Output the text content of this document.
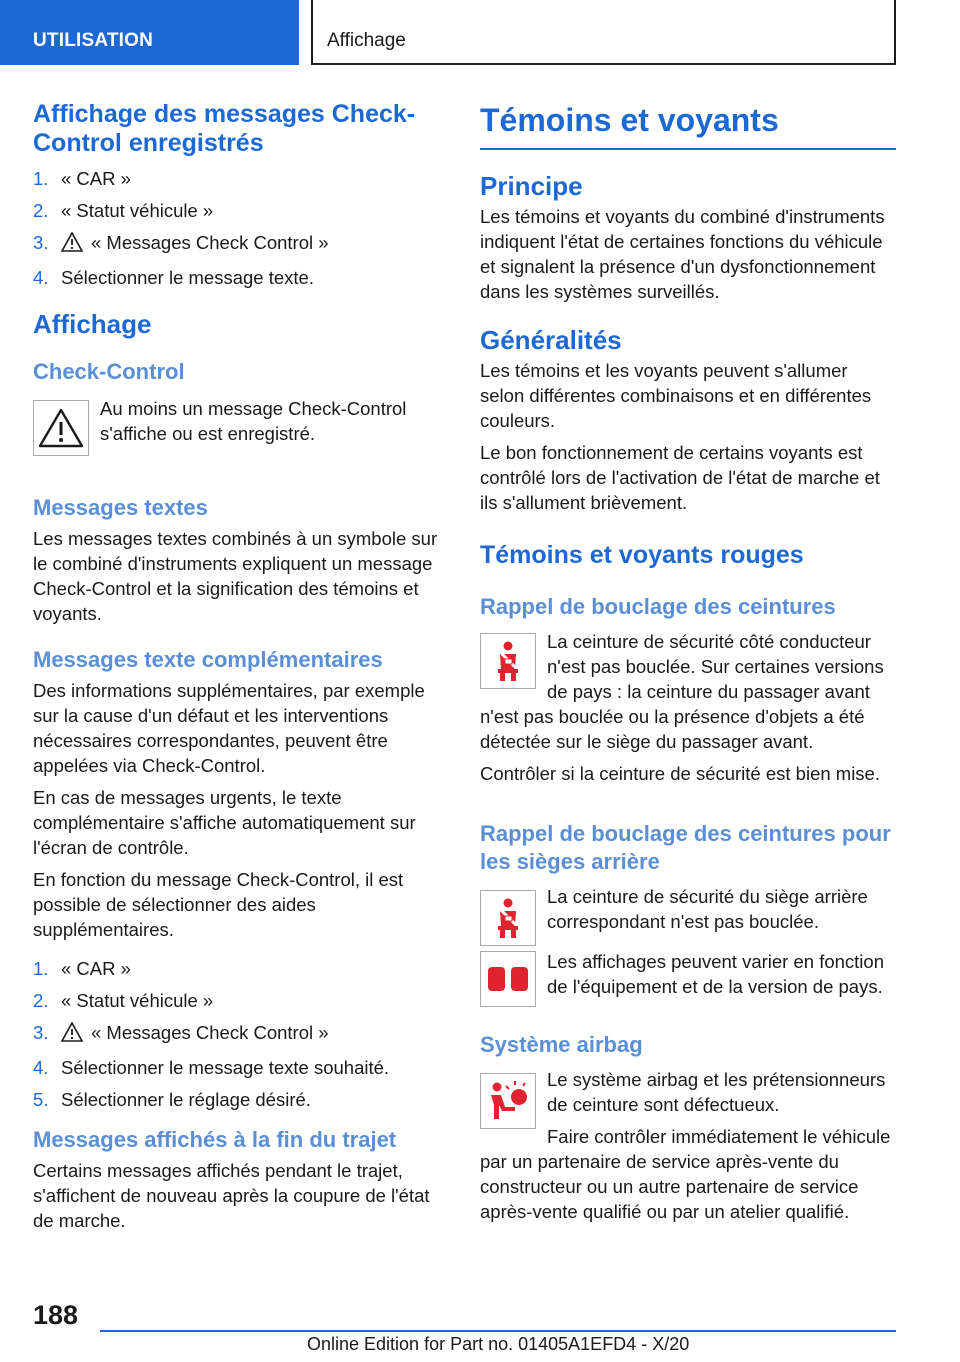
UTILISATION	Affichage
Affichage des messages Check-Control enregistrés
1. « CAR »
2. « Statut véhicule »
3. « Messages Check Control »
4. Sélectionner le message texte.
Affichage
Check-Control

Au moins un message Check-Control s'affiche ou est enregistré.

Messages textes

Les messages textes combinés à un symbole sur le combiné d'instruments expliquent un message Check-Control et la signification des témoins et voyants.

Messages texte complémentaires

Des informations supplémentaires, par exemple sur la cause d'un défaut et les interventions nécessaires correspondantes, peuvent être appelées via Check-Control.

En cas de messages urgents, le texte complémentaire s'affiche automatiquement sur l'écran de contrôle.

En fonction du message Check-Control, il est possible de sélectionner des aides supplémentaires.

1. « CAR »
2. « Statut véhicule »
3. « Messages Check Control »
4. Sélectionner le message texte souhaité.
5. Sélectionner le réglage désiré.
Messages affichés à la fin du trajet

Certains messages affichés pendant le trajet, s'affichent de nouveau après la coupure de l'état de marche.

Témoins et voyants
Principe

Les témoins et voyants du combiné d'instruments indiquent l'état de certaines fonctions du véhicule et signalent la présence d'un dysfonctionnement dans les systèmes surveillés.

Généralités

Les témoins et les voyants peuvent s'allumer selon différentes combinaisons et en différentes couleurs.

Le bon fonctionnement de certains voyants est contrôlé lors de l'activation de l'état de marche et ils s'allument brièvement.

Témoins et voyants rouges
Rappel de bouclage des ceintures

La ceinture de sécurité côté conducteur n'est pas bouclée. Sur certaines versions de pays : la ceinture du passager avant n'est pas bouclée ou la présence d'objets a été détectée sur le siège du passager avant.

Contrôler si la ceinture de sécurité est bien mise.

Rappel de bouclage des ceintures pour les sièges arrière

La ceinture de sécurité du siège arrière correspondant n'est pas bouclée.

Les affichages peuvent varier en fonction de l'équipement et de la version de pays.

Système airbag

Le système airbag et les prétensionneurs de ceinture sont défectueux.

Faire contrôler immédiatement le véhicule par un partenaire de service après-vente du constructeur ou un autre partenaire de service après-vente qualifié ou par un atelier qualifié.

188
Online Edition for Part no. 01405A1EFD4 - X/20
